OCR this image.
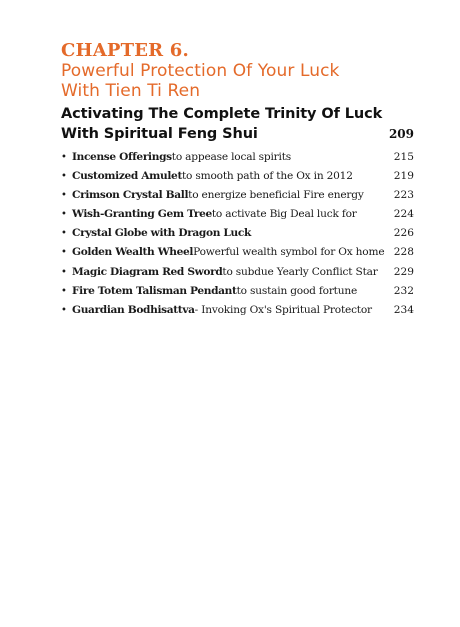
CHAPTER 6.
Powerful Protection Of Your Luck
With Tien Ti Ren
Activating The Complete Trinity Of Luck
With Spiritual Feng Shui	209
• Incense Offerings to appease local spirits	215
• Customized Amulet to smooth path of the Ox in 2012	219
• Crimson Crystal Ball to energize beneficial Fire energy	223
• Wish-Granting Gem Tree to activate Big Deal luck for	224
• Crystal Globe with Dragon Luck	226
• Golden Wealth Wheel Powerful wealth symbol for Ox home 228
• Magic Diagram Red Sword to subdue Yearly Conflict Star 229
• Fire Totem Talisman Pendant to sustain good fortune	232
• Guardian Bodhisattva - Invoking Ox's Spiritual Protector 234
